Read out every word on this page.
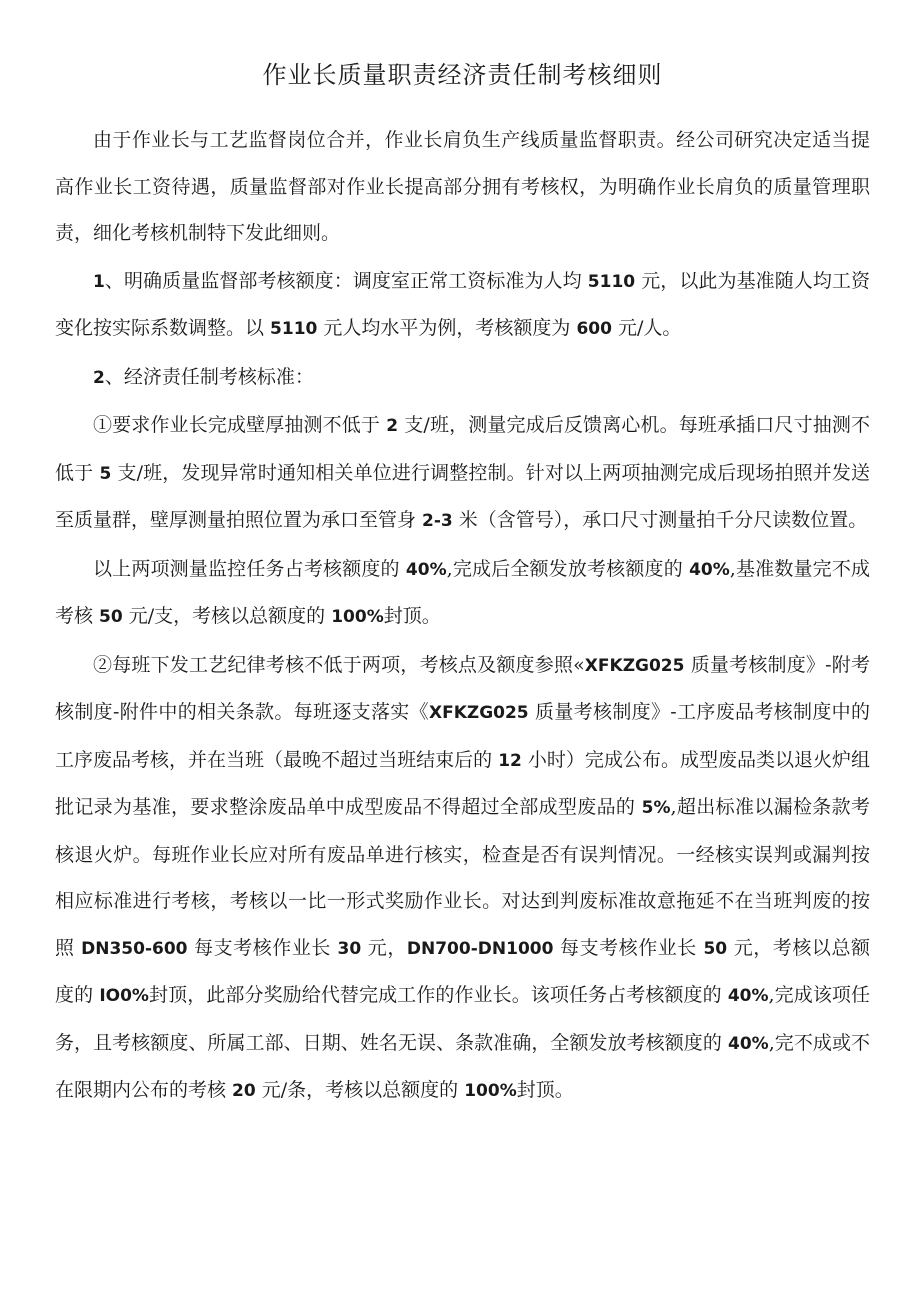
作业长质量职责经济责任制考核细则

由于作业长与工艺监督岗位合并，作业长肩负生产线质量监督职责。经公司研究决定适当提高作业长工资待遇，质量监督部对作业长提高部分拥有考核权，为明确作业长肩负的质量管理职责，细化考核机制特下发此细则。

1、明确质量监督部考核额度：调度室正常工资标准为人均 5110 元，以此为基准随人均工资变化按实际系数调整。以 5110 元人均水平为例，考核额度为 600 元/人。

2、经济责任制考核标准：

①要求作业长完成壁厚抽测不低于 2 支/班，测量完成后反馈离心机。每班承插口尺寸抽测不低于 5 支/班，发现异常时通知相关单位进行调整控制。针对以上两项抽测完成后现场拍照并发送至质量群，壁厚测量拍照位置为承口至管身 2-3 米（含管号），承口尺寸测量拍千分尺读数位置。

以上两项测量监控任务占考核额度的 40%,完成后全额发放考核额度的 40%,基准数量完不成考核 50 元/支，考核以总额度的 100%封顶。

②每班下发工艺纪律考核不低于两项，考核点及额度参照«XFKZG025 质量考核制度》-附考核制度-附件中的相关条款。每班逐支落实《XFKZG025 质量考核制度》-工序废品考核制度中的工序废品考核，并在当班（最晚不超过当班结束后的 12 小时）完成公布。成型废品类以退火炉组批记录为基准，要求整涂废品单中成型废品不得超过全部成型废品的 5%,超出标准以漏检条款考核退火炉。每班作业长应对所有废品单进行核实，检查是否有误判情况。一经核实误判或漏判按相应标准进行考核，考核以一比一形式奖励作业长。对达到判废标准故意拖延不在当班判废的按照 DN350-600 每支考核作业长 30 元，DN700-DN1000 每支考核作业长 50 元，考核以总额度的 IO0%封顶，此部分奖励给代替完成工作的作业长。该项任务占考核额度的 40%,完成该项任务，且考核额度、所属工部、日期、姓名无误、条款准确，全额发放考核额度的 40%,完不成或不在限期内公布的考核 20 元/条，考核以总额度的 100%封顶。
